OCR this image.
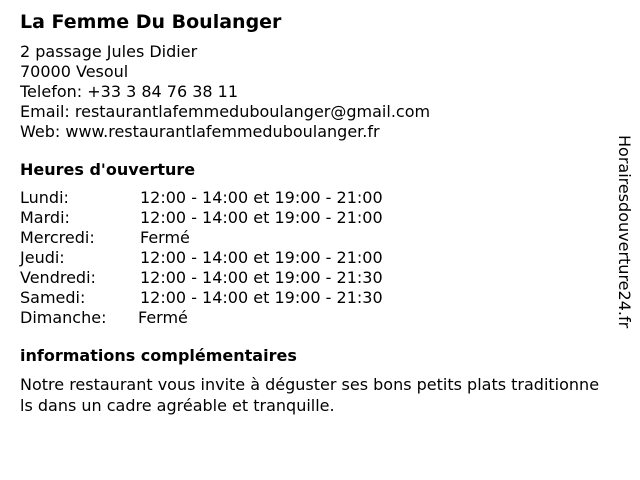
La Femme Du Boulanger
2 passage Jules Didier
70000 Vesoul
Telefon: +33 3 84 76 38 11
Email: restaurantlafemmeduboulanger@gmail.com
Web: www.restaurantlafemmeduboulanger.fr
Heures d'ouverture
Lundi:	12:00 - 14:00 et 19:00 - 21:00
Mardi:	12:00 - 14:00 et 19:00 - 21:00
Mercredi:	Fermé
Jeudi:	12:00 - 14:00 et 19:00 - 21:00
Vendredi:	12:00 - 14:00 et 19:00 - 21:30
Samedi:	12:00 - 14:00 et 19:00 - 21:30
Dimanche:	Fermé
informations complémentaires
Notre restaurant vous invite à déguster ses bons petits plats traditionnels dans un cadre agréable et tranquille.
Horairesdouverture24.fr
